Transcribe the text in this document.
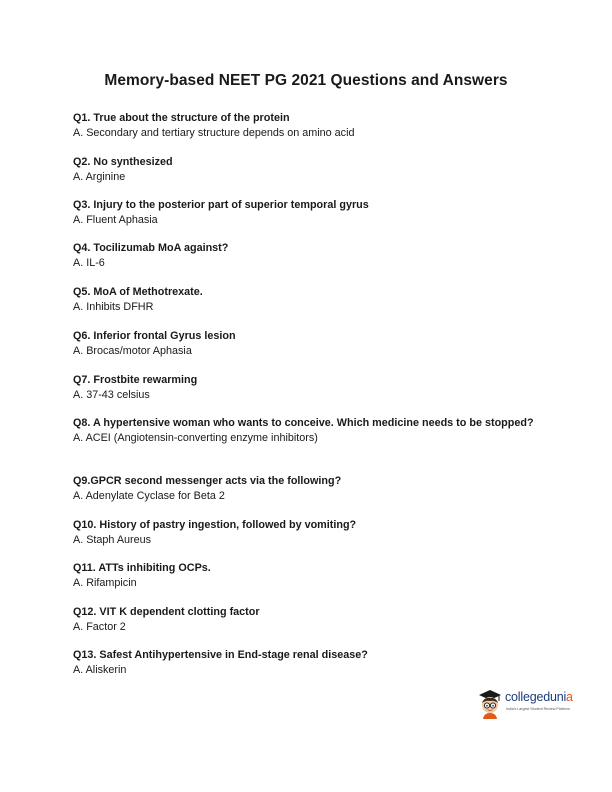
Memory-based NEET PG 2021 Questions and Answers
Q1. True about the structure of the protein
A. Secondary and tertiary structure depends on amino acid
Q2. No synthesized
A. Arginine
Q3. Injury to the posterior part of superior temporal gyrus
A. Fluent Aphasia
Q4. Tocilizumab MoA against?
A. IL-6
Q5. MoA of Methotrexate.
A. Inhibits DFHR
Q6. Inferior frontal Gyrus lesion
A. Brocas/motor Aphasia
Q7. Frostbite rewarming
A. 37-43 celsius
Q8. A hypertensive woman who wants to conceive. Which medicine needs to be stopped?
A. ACEI (Angiotensin-converting enzyme inhibitors)
Q9.GPCR second messenger acts via the following?
A. Adenylate Cyclase for Beta 2
Q10. History of pastry ingestion, followed by vomiting?
A. Staph Aureus
Q11. ATTs inhibiting OCPs.
A. Rifampicin
Q12. VIT K dependent clotting factor
A. Factor 2
Q13. Safest Antihypertensive in End-stage renal disease?
A. Aliskerin
collegedunia
India's Largest Student Review Platform
